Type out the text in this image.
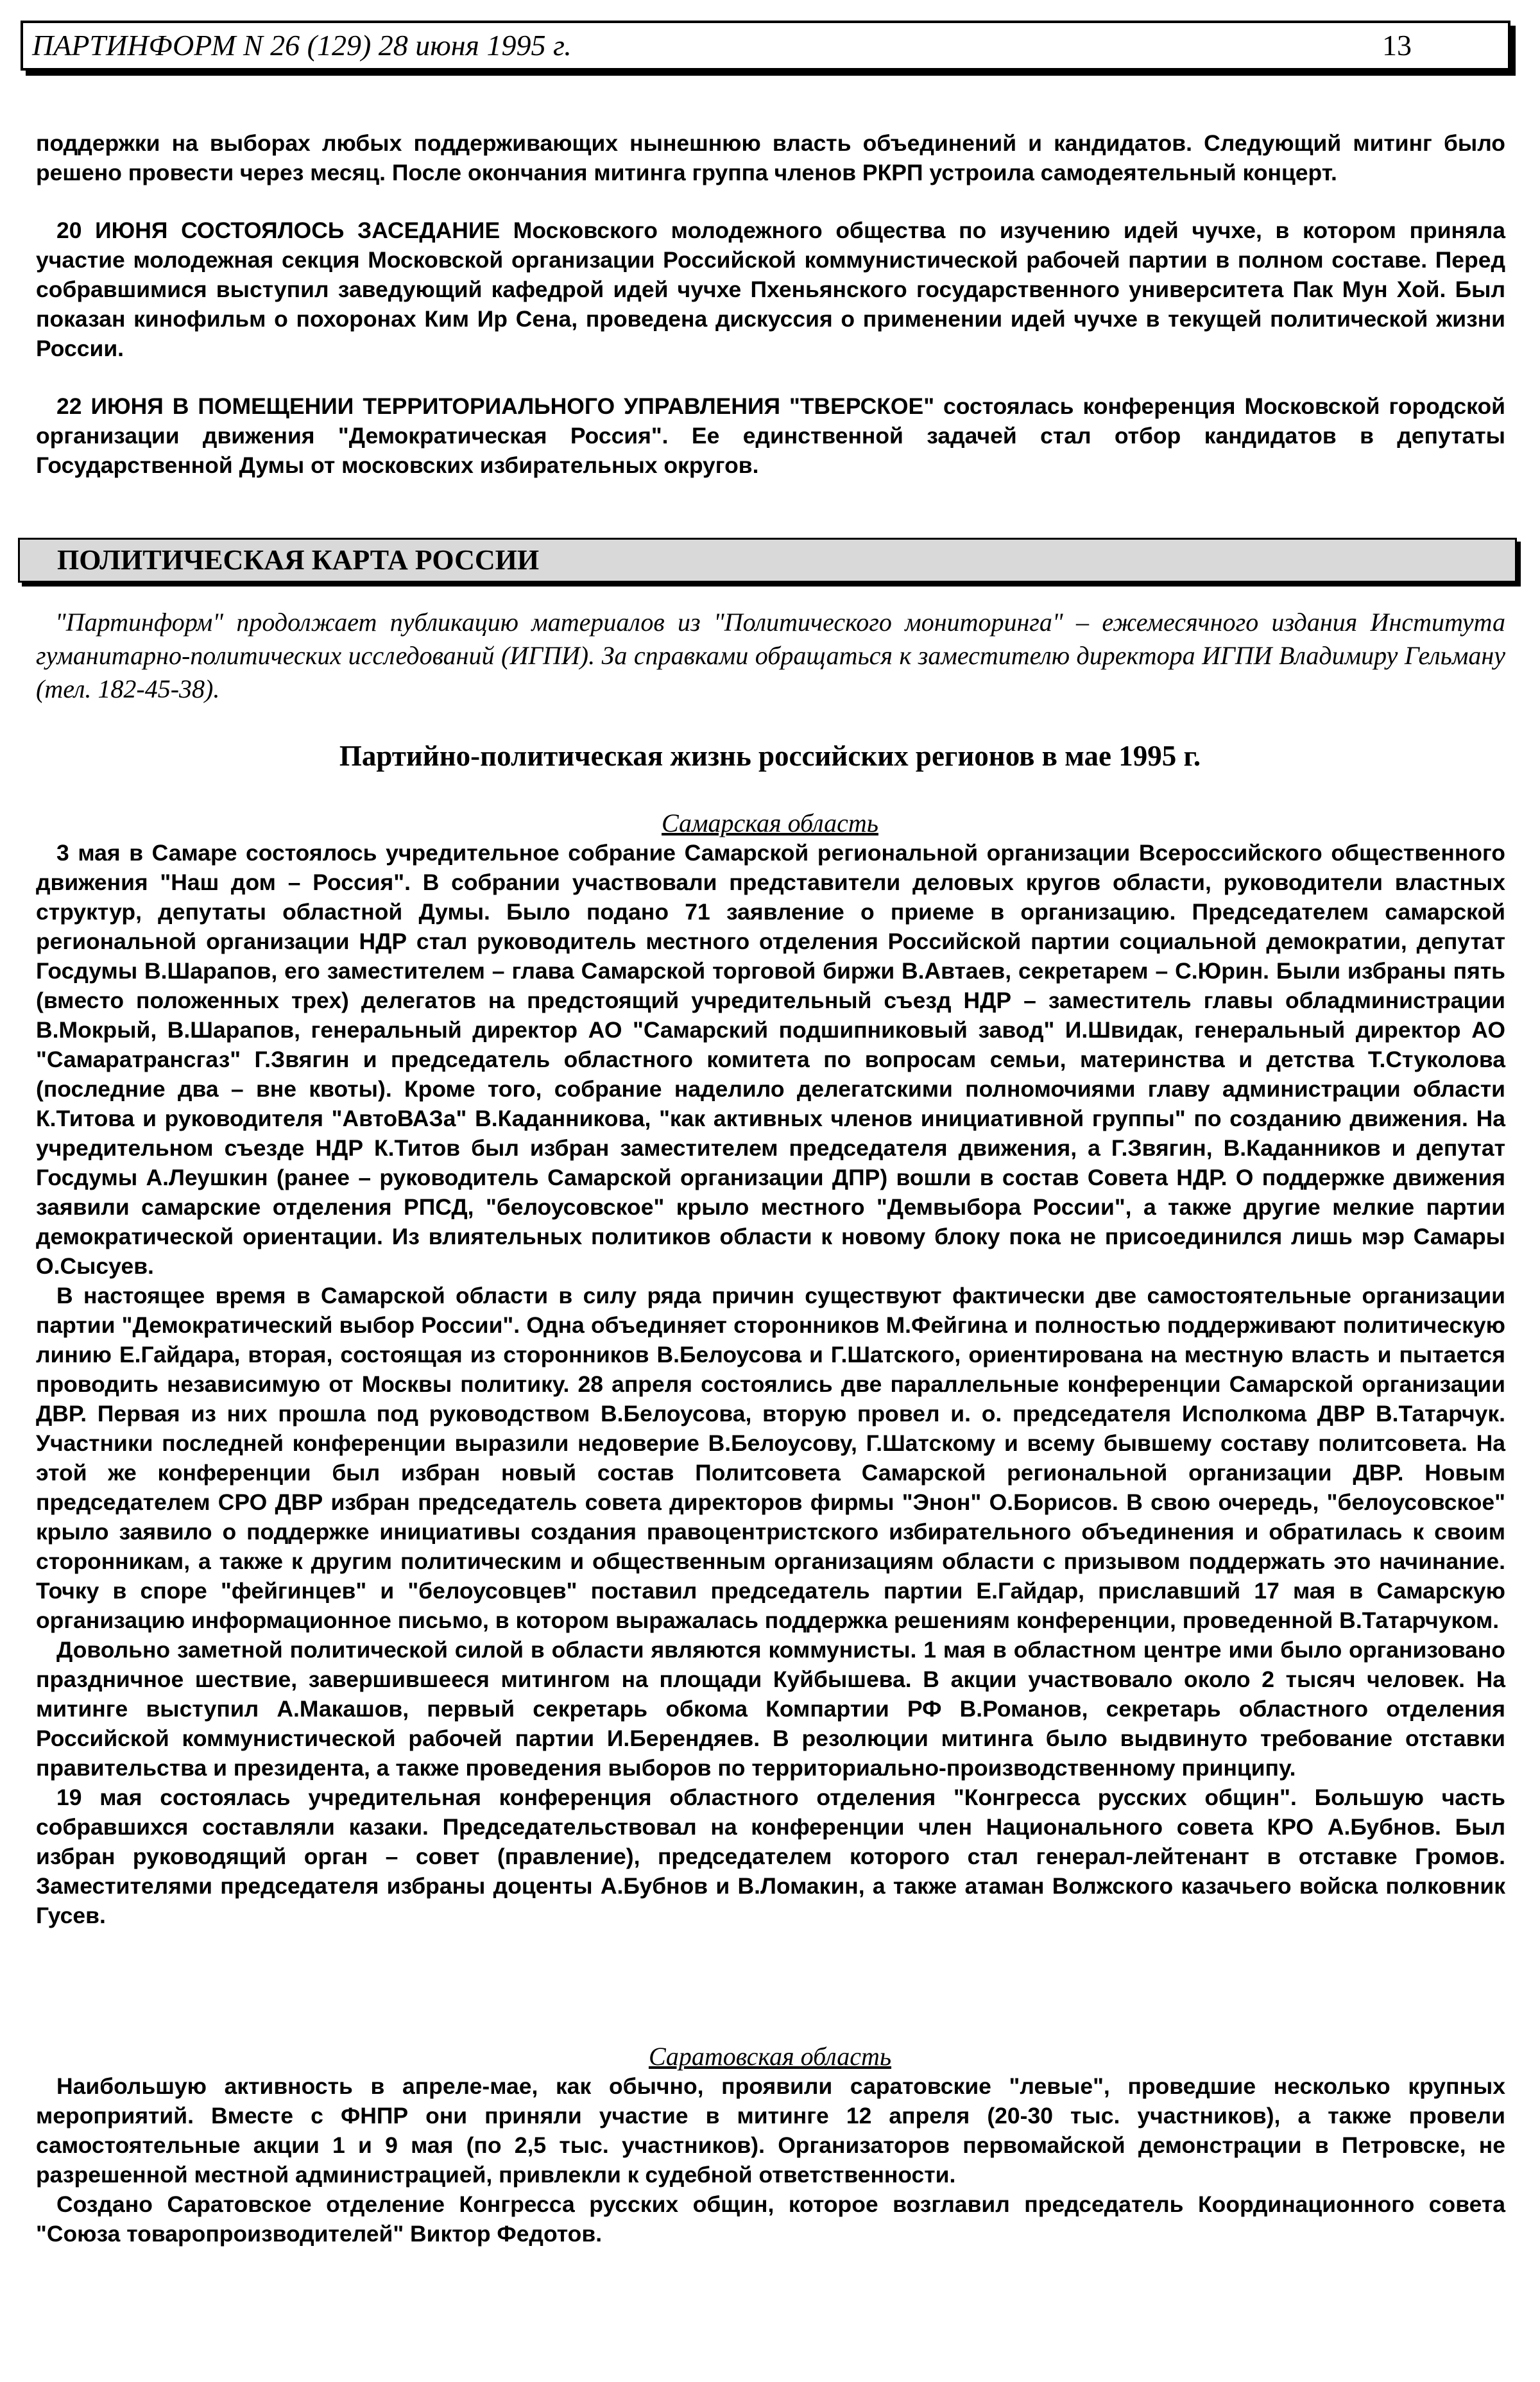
ПАРТИНФОРМ N 26 (129) 28 июня 1995 г.	13

поддержки на выборах любых поддерживающих нынешнюю власть объединений и кандидатов. Следующий митинг было решено провести через месяц. После окончания митинга группа членов РКРП устроила самодеятельный концерт.

20 ИЮНЯ СОСТОЯЛОСЬ ЗАСЕДАНИЕ Московского молодежного общества по изучению идей чучхе, в котором приняла участие молодежная секция Московской организации Российской коммунистической рабочей партии в полном составе. Перед собравшимися выступил заведующий кафедрой идей чучхе Пхеньянского государственного университета Пак Мун Хой. Был показан кинофильм о похоронах Ким Ир Сена, проведена дискуссия о применении идей чучхе в текущей политической жизни России.

22 ИЮНЯ В ПОМЕЩЕНИИ ТЕРРИТОРИАЛЬНОГО УПРАВЛЕНИЯ "ТВЕРСКОЕ" состоялась конференция Московской городской организации движения "Демократическая Россия". Ее единственной задачей стал отбор кандидатов в депутаты Государственной Думы от московских избирательных округов.

ПОЛИТИЧЕСКАЯ КАРТА РОССИИ

"Партинформ" продолжает публикацию материалов из "Политического мониторинга" – ежемесячного издания Института гуманитарно-политических исследований (ИГПИ). За справками обращаться к заместителю директора ИГПИ Владимиру Гельману (тел. 182-45-38).

Партийно-политическая жизнь российских регионов в мае 1995 г.
Самарская область

3 мая в Самаре состоялось учредительное собрание Самарской региональной организации Всероссийского общественного движения "Наш дом – Россия". В собрании участвовали представители деловых кругов области, руководители властных структур, депутаты областной Думы. Было подано 71 заявление о приеме в организацию. Председателем самарской региональной организации НДР стал руководитель местного отделения Российской партии социальной демократии, депутат Госдумы В.Шарапов, его заместителем – глава Самарской торговой биржи В.Автаев, секретарем – С.Юрин. Были избраны пять (вместо положенных трех) делегатов на предстоящий учредительный съезд НДР – заместитель главы обладминистрации В.Мокрый, В.Шарапов, генеральный директор АО "Самарский подшипниковый завод" И.Швидак, генеральный директор АО "Самаратрансгаз" Г.Звягин и председатель областного комитета по вопросам семьи, материнства и детства Т.Стуколова (последние два – вне квоты). Кроме того, собрание наделило делегатскими полномочиями главу администрации области К.Титова и руководителя "АвтоВАЗа" В.Каданникова, "как активных членов инициативной группы" по созданию движения. На учредительном съезде НДР К.Титов был избран заместителем председателя движения, а Г.Звягин, В.Каданников и депутат Госдумы А.Леушкин (ранее – руководитель Самарской организации ДПР) вошли в состав Совета НДР. О поддержке движения заявили самарские отделения РПСД, "белоусовское" крыло местного "Демвыбора России", а также другие мелкие партии демократической ориентации. Из влиятельных политиков области к новому блоку пока не присоединился лишь мэр Самары О.Сысуев.

В настоящее время в Самарской области в силу ряда причин существуют фактически две самостоятельные организации партии "Демократический выбор России". Одна объединяет сторонников М.Фейгина и полностью поддерживают политическую линию Е.Гайдара, вторая, состоящая из сторонников В.Белоусова и Г.Шатского, ориентирована на местную власть и пытается проводить независимую от Москвы политику. 28 апреля состоялись две параллельные конференции Самарской организации ДВР. Первая из них прошла под руководством В.Белоусова, вторую провел и. о. председателя Исполкома ДВР В.Татарчук. Участники последней конференции выразили недоверие В.Белоусову, Г.Шатскому и всему бывшему составу политсовета. На этой же конференции был избран новый состав Политсовета Самарской региональной организации ДВР. Новым председателем СРО ДВР избран председатель совета директоров фирмы "Энон" О.Борисов. В свою очередь, "белоусовское" крыло заявило о поддержке инициативы создания правоцентристского избирательного объединения и обратилась к своим сторонникам, а также к другим политическим и общественным организациям области с призывом поддержать это начинание. Точку в споре "фейгинцев" и "белоусовцев" поставил председатель партии Е.Гайдар, приславший 17 мая в Самарскую организацию информационное письмо, в котором выражалась поддержка решениям конференции, проведенной В.Татарчуком.

Довольно заметной политической силой в области являются коммунисты. 1 мая в областном центре ими было организовано праздничное шествие, завершившееся митингом на площади Куйбышева. В акции участвовало около 2 тысяч человек. На митинге выступил А.Макашов, первый секретарь обкома Компартии РФ В.Романов, секретарь областного отделения Российской коммунистической рабочей партии И.Берендяев. В резолюции митинга было выдвинуто требование отставки правительства и президента, а также проведения выборов по территориально-производственному принципу.

19 мая состоялась учредительная конференция областного отделения "Конгресса русских общин". Большую часть собравшихся составляли казаки. Председательствовал на конференции член Национального совета КРО А.Бубнов. Был избран руководящий орган – совет (правление), председателем которого стал генерал-лейтенант в отставке Громов. Заместителями председателя избраны доценты А.Бубнов и В.Ломакин, а также атаман Волжского казачьего войска полковник Гусев.

Саратовская область

Наибольшую активность в апреле-мае, как обычно, проявили саратовские "левые", проведшие несколько крупных мероприятий. Вместе с ФНПР они приняли участие в митинге 12 апреля (20-30 тыс. участников), а также провели самостоятельные акции 1 и 9 мая (по 2,5 тыс. участников). Организаторов первомайской демонстрации в Петровске, не разрешенной местной администрацией, привлекли к судебной ответственности.

Создано Саратовское отделение Конгресса русских общин, которое возглавил председатель Координационного совета "Союза товаропроизводителей" Виктор Федотов.
